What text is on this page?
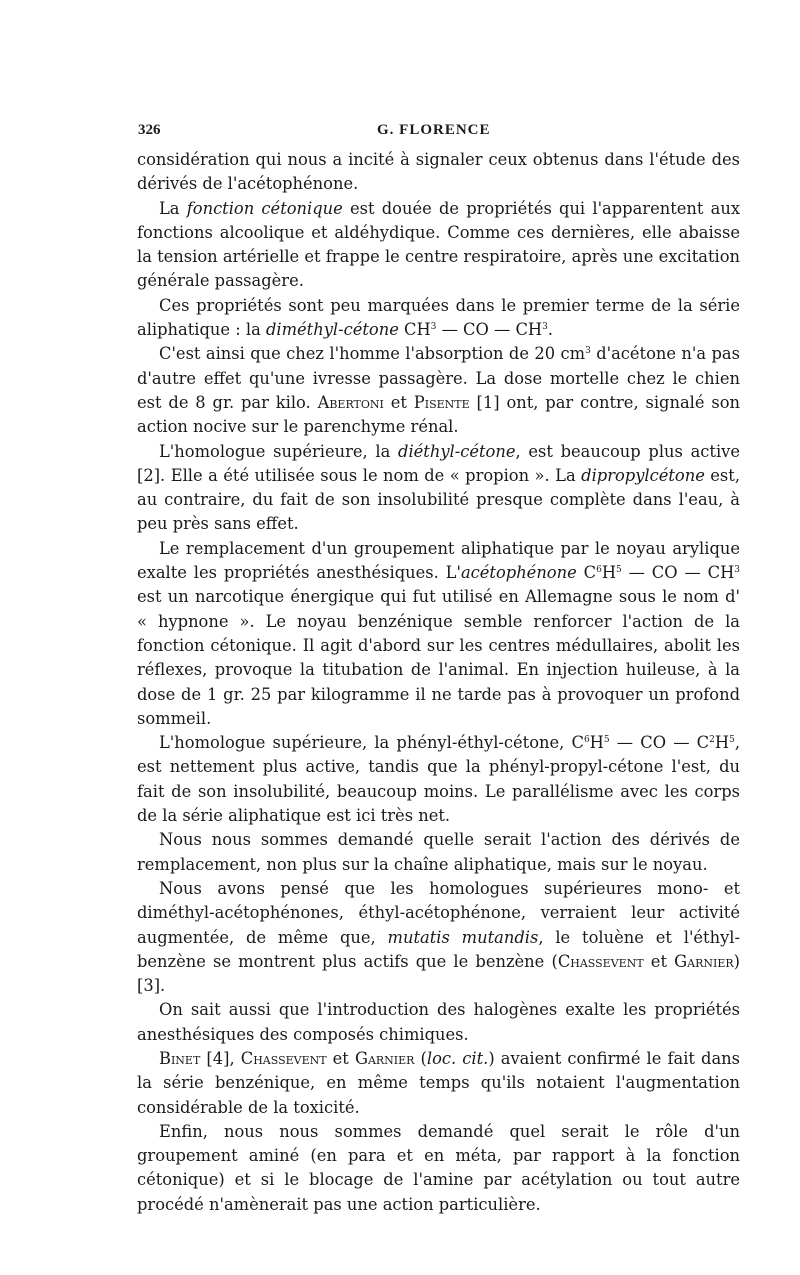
326	G. FLORENCE

considération qui nous a incité à signaler ceux obtenus dans l'étude des dérivés de l'acétophénone.

La fonction cétonique est douée de propriétés qui l'apparentent aux fonctions alcoolique et aldéhydique. Comme ces dernières, elle abaisse la tension artérielle et frappe le centre respiratoire, après une excitation générale passagère.

Ces propriétés sont peu marquées dans le premier terme de la série aliphatique : la diméthyl-cétone $CH^3$ — CO — $CH^3$.

C'est ainsi que chez l'homme l'absorption de 20 $cm^3$ d'acétone n'a pas d'autre effet qu'une ivresse passagère. La dose mortelle chez le chien est de 8 gr. par kilo. Abertoni et Pisente [1] ont, par contre, signalé son action nocive sur le parenchyme rénal.

L'homologue supérieure, la diéthyl-cétone, est beaucoup plus active [2]. Elle a été utilisée sous le nom de « propion ». La dipropylcétone est, au contraire, du fait de son insolubilité presque complète dans l'eau, à peu près sans effet.

Le remplacement d'un groupement aliphatique par le noyau arylique exalte les propriétés anesthésiques. L'acétophénone $C^6H^5$ — CO — $CH^3$ est un narcotique énergique qui fut utilisé en Allemagne sous le nom d' « hypnone ». Le noyau benzénique semble renforcer l'action de la fonction cétonique. Il agit d'abord sur les centres médullaires, abolit les réflexes, provoque la titubation de l'animal. En injection huileuse, à la dose de 1 gr. 25 par kilogramme il ne tarde pas à provoquer un profond sommeil.

L'homologue supérieure, la phényl-éthyl-cétone, $C^6H^5$ — CO — $C^2H^5$, est nettement plus active, tandis que la phényl-propyl-cétone l'est, du fait de son insolubilité, beaucoup moins. Le parallélisme avec les corps de la série aliphatique est ici très net.

Nous nous sommes demandé quelle serait l'action des dérivés de remplacement, non plus sur la chaîne aliphatique, mais sur le noyau.

Nous avons pensé que les homologues supérieures mono- et diméthyl-acétophénones, éthyl-acétophénone, verraient leur activité augmentée, de même que, mutatis mutandis, le toluène et l'éthyl-benzène se montrent plus actifs que le benzène (Chassevent et Garnier) [3].

On sait aussi que l'introduction des halogènes exalte les propriétés anesthésiques des composés chimiques.

Binet [4], Chassevent et Garnier (loc. cit.) avaient confirmé le fait dans la série benzénique, en même temps qu'ils notaient l'augmentation considérable de la toxicité.

Enfin, nous nous sommes demandé quel serait le rôle d'un groupement aminé (en para et en méta, par rapport à la fonction cétonique) et si le blocage de l'amine par acétylation ou tout autre procédé n'amènerait pas une action particulière.
